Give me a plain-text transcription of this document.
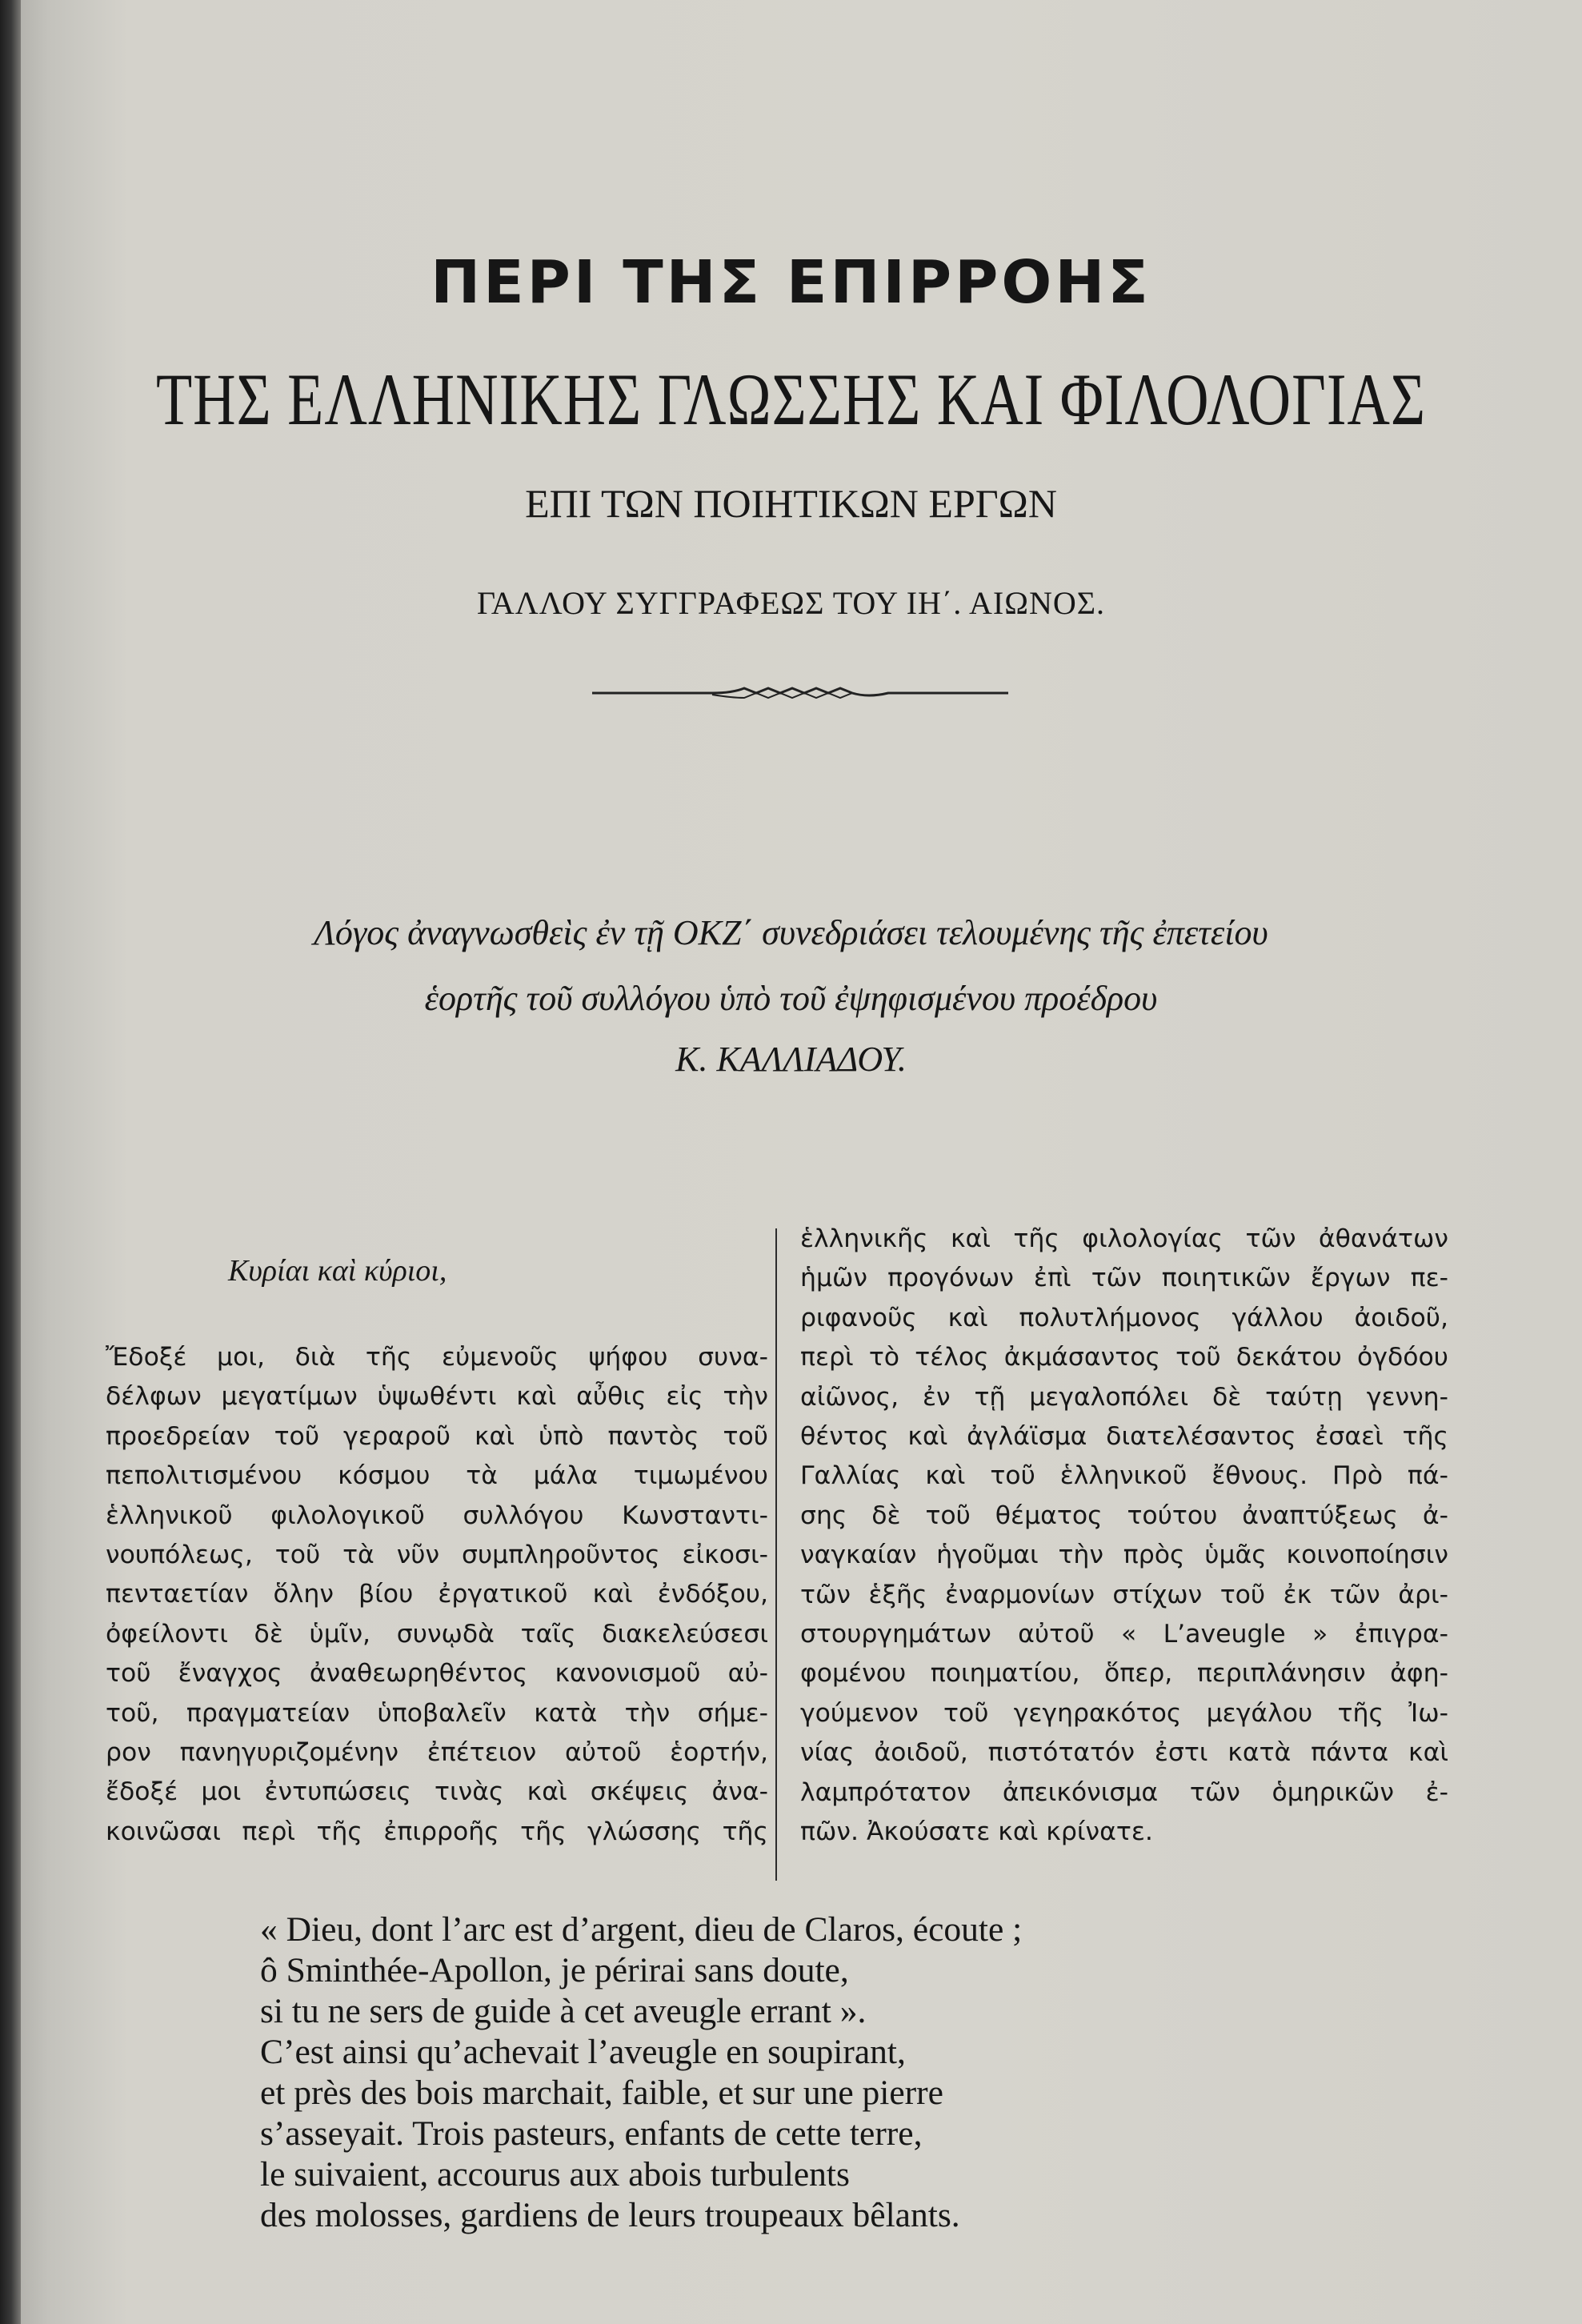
ΠΕΡΙ ΤΗΣ ΕΠΙΡΡΟΗΣ
ΤΗΣ ΕΛΛΗΝΙΚΗΣ ΓΛΩΣΣΗΣ ΚΑΙ ΦΙΛΟΛΟΓΙΑΣ
ΕΠΙ ΤΩΝ ΠΟΙΗΤΙΚΩΝ ΕΡΓΩΝ
ΓΑΛΛΟΥ ΣΥΓΓΡΑΦΕΩΣ ΤΟΥ ΙΗ΄. ΑΙΩΝΟΣ.
Λόγος ἀναγνωσθεὶς ἐν τῇ ΟΚΖ΄ συνεδριάσει τελουμένης τῆς ἐπετείου
ἑορτῆς τοῦ συλλόγου ὑπὸ τοῦ ἐψηφισμένου προέδρου
Κ. ΚΑΛΛΙΑΔΟΥ.
Κυρίαι καὶ κύριοι,
Ἔδοξέ μοι, διὰ τῆς εὐμενοῦς ψήφου συνα-
δέλφων μεγατίμων ὑψωθέντι καὶ αὖθις εἰς τὴν
προεδρείαν τοῦ γεραροῦ καὶ ὑπὸ παντὸς τοῦ
πεπολιτισμένου κόσμου τὰ μάλα τιμωμένου
ἑλληνικοῦ φιλολογικοῦ συλλόγου Κωνσταντι-
νουπόλεως, τοῦ τὰ νῦν συμπληροῦντος εἰκοσι-
πενταετίαν ὅλην βίου ἐργατικοῦ καὶ ἐνδόξου,
ὀφείλοντι δὲ ὑμῖν, συνῳδὰ ταῖς διακελεύσεσι
τοῦ ἔναγχος ἀναθεωρηθέντος κανονισμοῦ αὐ-
τοῦ, πραγματείαν ὑποβαλεῖν κατὰ τὴν σήμε-
ρον πανηγυριζομένην ἐπέτειον αὐτοῦ ἑορτήν,
ἔδοξέ μοι ἐντυπώσεις τινὰς καὶ σκέψεις ἀνα-
κοινῶσαι περὶ τῆς ἐπιρροῆς τῆς γλώσσης τῆς
ἑλληνικῆς καὶ τῆς φιλολογίας τῶν ἀθανάτων
ἡμῶν προγόνων ἐπὶ τῶν ποιητικῶν ἔργων πε-
ριφανοῦς καὶ πολυτλήμονος γάλλου ἀοιδοῦ,
περὶ τὸ τέλος ἀκμάσαντος τοῦ δεκάτου ὀγδόου
αἰῶνος, ἐν τῇ μεγαλοπόλει δὲ ταύτῃ γεννη-
θέντος καὶ ἀγλάϊσμα διατελέσαντος ἐσαεὶ τῆς
Γαλλίας καὶ τοῦ ἑλληνικοῦ ἔθνους. Πρὸ πά-
σης δὲ τοῦ θέματος τούτου ἀναπτύξεως ἀ-
ναγκαίαν ἡγοῦμαι τὴν πρὸς ὑμᾶς κοινοποίησιν
τῶν ἑξῆς ἐναρμονίων στίχων τοῦ ἐκ τῶν ἀρι-
στουργημάτων αὐτοῦ « L’aveugle » ἐπιγρα-
φομένου ποιηματίου, ὅπερ, περιπλάνησιν ἀφη-
γούμενον τοῦ γεγηρακότος μεγάλου τῆς Ἰω-
νίας ἀοιδοῦ, πιστότατόν ἐστι κατὰ πάντα καὶ
λαμπρότατον ἀπεικόνισμα τῶν ὁμηρικῶν ἐ-
πῶν. Ἀκούσατε καὶ κρίνατε.
« Dieu, dont l’arc est d’argent, dieu de Claros, écoute ;
ô Sminthée-Apollon, je périrai sans doute,
si tu ne sers de guide à cet aveugle errant ».
C’est ainsi qu’achevait l’aveugle en soupirant,
et près des bois marchait, faible, et sur une pierre
s’asseyait. Trois pasteurs, enfants de cette terre,
le suivaient, accourus aux abois turbulents
des molosses, gardiens de leurs troupeaux bêlants.
